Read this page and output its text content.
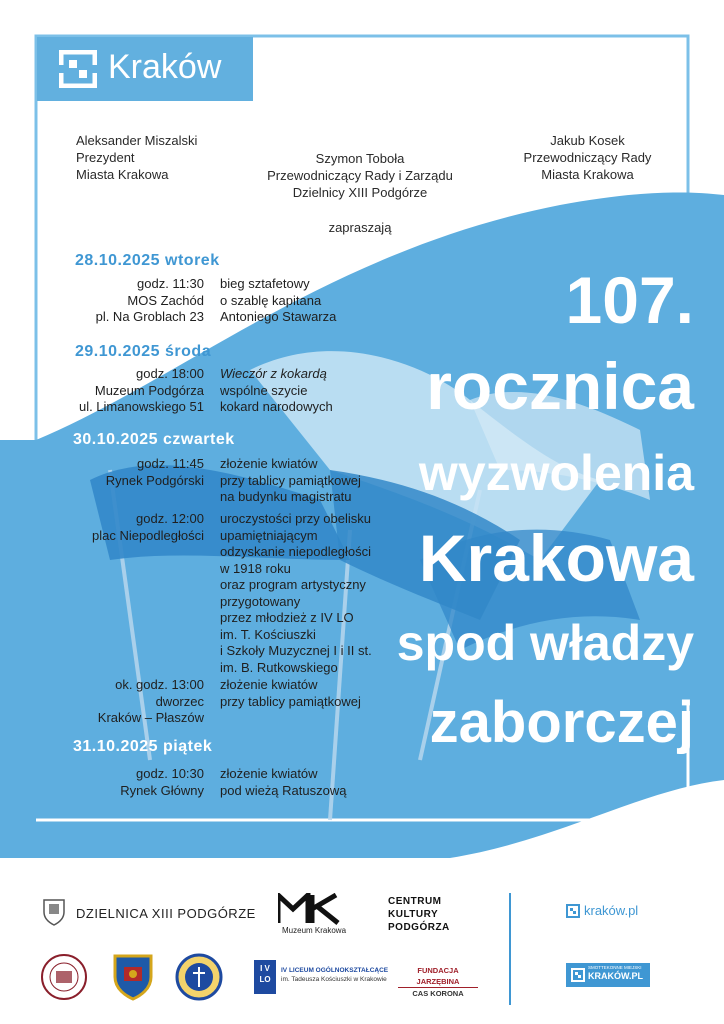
Kraków
Aleksander Miszalski
Prezydent
Miasta Krakowa
Szymon Toboła
Przewodniczący Rady i Zarządu
Dzielnicy XIII Podgórze
Jakub Kosek
Przewodniczący Rady
Miasta Krakowa
zapraszają
107.
rocznica
wyzwolenia
Krakowa
spod władzy
zaborczej
28.10.2025 wtorek
godz. 11:30
MOS Zachód
pl. Na Groblach 23
bieg sztafetowy
o szablę kapitana
Antoniego Stawarza
29.10.2025 środa
godz. 18:00
Muzeum Podgórza
ul. Limanowskiego 51
Wieczór z kokardą
wspólne szycie
kokard narodowych
30.10.2025 czwartek
godz. 11:45
Rynek Podgórski
złożenie kwiatów
przy tablicy pamiątkowej
na budynku magistratu
godz. 12:00
plac Niepodległości
uroczystości przy obelisku
upamiętniającym
odzyskanie niepodległości
w 1918 roku
oraz program artystyczny
przygotowany
przez młodzież z IV LO
im. T. Kościuszki
i Szkoły Muzycznej I i II st.
im. B. Rutkowskiego
ok. godz. 13:00
dworzec
Kraków – Płaszów
złożenie kwiatów
przy tablicy pamiątkowej
31.10.2025 piątek
godz. 10:30
Rynek Główny
złożenie kwiatów
pod wieżą Ratuszową
DZIELNICA XIII PODGÓRZE
Muzeum Krakowa
CENTRUM
KULTURY
PODGÓRZA
kraków.pl
I V
LO
IV LICEUM OGÓLNOKSZTAŁCĄCE
im. Tadeusza Kościuszki w Krakowie
FUNDACJA JARZĘBINA
CAS KORONA
SMOTTEKONNE MIEJSKI
KRAKÓW.PL
